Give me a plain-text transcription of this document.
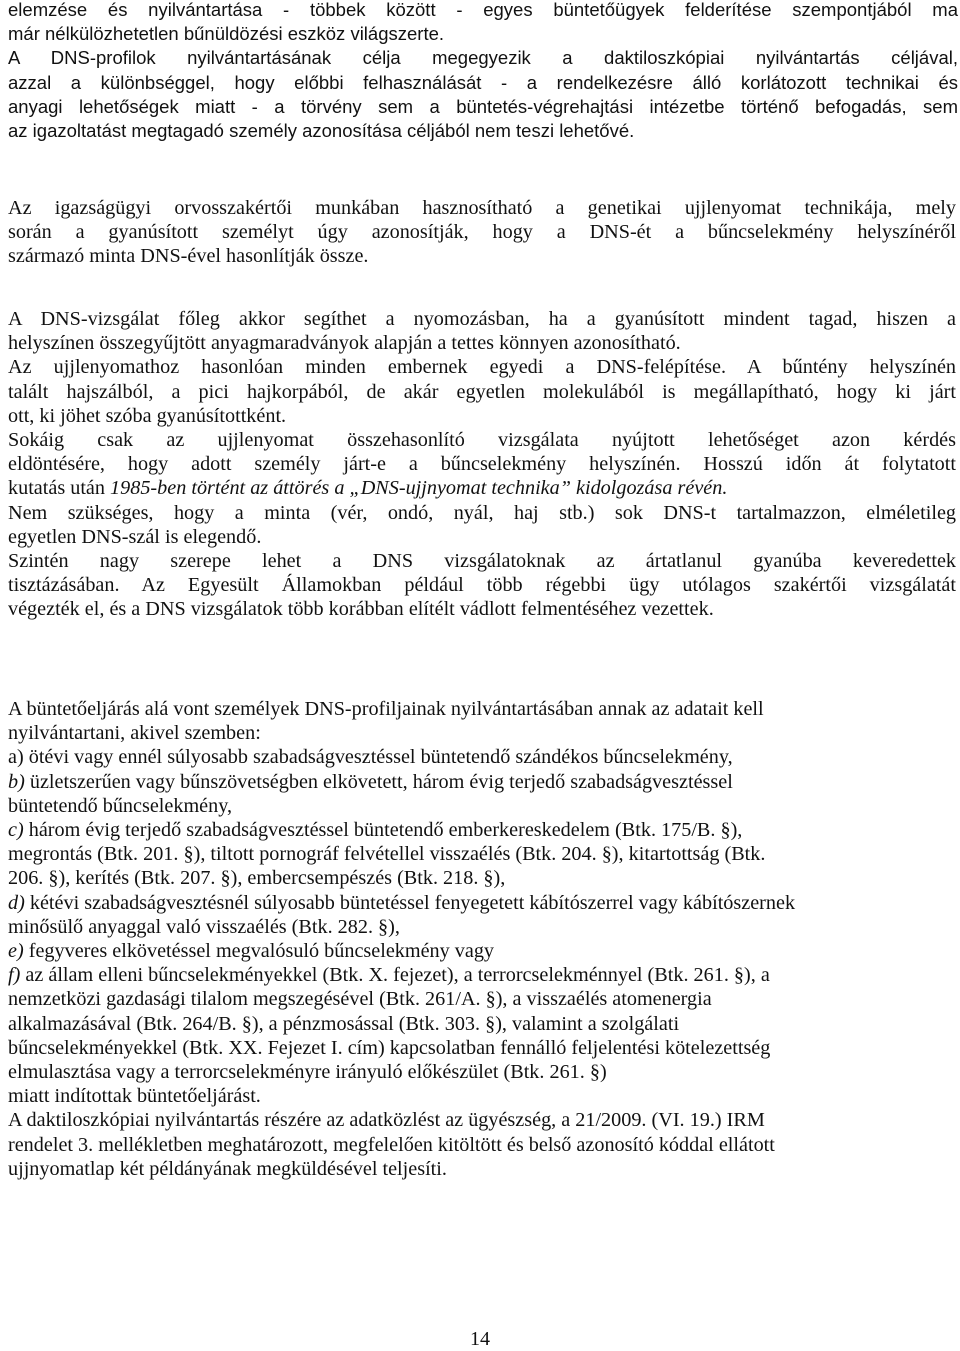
elemzése és nyilvántartása - többek között - egyes büntetőügyek felderítése szempontjából ma
már nélkülözhetetlen bűnüldözési eszköz világszerte.
A DNS-profilok nyilvántartásának célja megegyezik a daktiloszkópiai nyilvántartás céljával,
azzal a különbséggel, hogy előbbi felhasználását - a rendelkezésre álló korlátozott technikai és
anyagi lehetőségek miatt - a törvény sem a büntetés-végrehajtási intézetbe történő befogadás, sem
az igazoltatást megtagadó személy azonosítása céljából nem teszi lehetővé.
Az igazságügyi orvosszakértői munkában hasznosítható a genetikai ujjlenyomat technikája, mely
során a gyanúsított személyt úgy azonosítják, hogy a DNS-ét a bűncselekmény helyszínéről
származó minta DNS-ével hasonlítják össze.
A DNS-vizsgálat főleg akkor segíthet a nyomozásban, ha a gyanúsított mindent tagad, hiszen a
helyszínen összegyűjtött anyagmaradványok alapján a tettes könnyen azonosítható.
Az ujjlenyomathoz hasonlóan minden embernek egyedi a DNS-felépítése. A bűntény helyszínén
talált hajszálból, a pici hajkorpából, de akár egyetlen molekulából is megállapítható, hogy ki járt
ott, ki jöhet szóba gyanúsítottként.
Sokáig csak az ujjlenyomat összehasonlító vizsgálata nyújtott lehetőséget azon kérdés
eldöntésére, hogy adott személy járt-e a bűncselekmény helyszínén. Hosszú időn át folytatott
kutatás után 1985-ben történt az áttörés a „DNS-ujjnyomat technika” kidolgozása révén.
Nem szükséges, hogy a minta (vér, ondó, nyál, haj stb.) sok DNS-t tartalmazzon, elméletileg
egyetlen DNS-szál is elegendő.
Szintén nagy szerepe lehet a DNS vizsgálatoknak az ártatlanul gyanúba keveredettek
tisztázásában. Az Egyesült Államokban például több régebbi ügy utólagos szakértői vizsgálatát
végezték el, és a DNS vizsgálatok több korábban elítélt vádlott felmentéséhez vezettek.
A büntetőeljárás alá vont személyek DNS-profiljainak nyilvántartásában annak az adatait kell
nyilvántartani, akivel szemben:
a) ötévi vagy ennél súlyosabb szabadságvesztéssel büntetendő szándékos bűncselekmény,
b) üzletszerűen vagy bűnszövetségben elkövetett, három évig terjedő szabadságvesztéssel
büntetendő bűncselekmény,
c) három évig terjedő szabadságvesztéssel büntetendő emberkereskedelem (Btk. 175/B. §),
megrontás (Btk. 201. §), tiltott pornográf felvétellel visszaélés (Btk. 204. §), kitartottság (Btk.
206. §), kerítés (Btk. 207. §), embercsempészés (Btk. 218. §),
d) kétévi szabadságvesztésnél súlyosabb büntetéssel fenyegetett kábítószerrel vagy kábítószernek
minősülő anyaggal való visszaélés (Btk. 282. §),
e) fegyveres elkövetéssel megvalósuló bűncselekmény vagy
f) az állam elleni bűncselekményekkel (Btk. X. fejezet), a terrorcselekménnyel (Btk. 261. §), a
nemzetközi gazdasági tilalom megszegésével (Btk. 261/A. §), a visszaélés atomenergia
alkalmazásával (Btk. 264/B. §), a pénzmosással (Btk. 303. §), valamint a szolgálati
bűncselekményekkel (Btk. XX. Fejezet I. cím) kapcsolatban fennálló feljelentési kötelezettség
elmulasztása vagy a terrorcselekményre irányuló előkészület (Btk. 261. §)
miatt indítottak büntetőeljárást.
A daktiloszkópiai nyilvántartás részére az adatközlést az ügyészség, a 21/2009. (VI. 19.) IRM
rendelet 3. mellékletben meghatározott, megfelelően kitöltött és belső azonosító kóddal ellátott
ujjnyomatlap két példányának megküldésével teljesíti.
14
